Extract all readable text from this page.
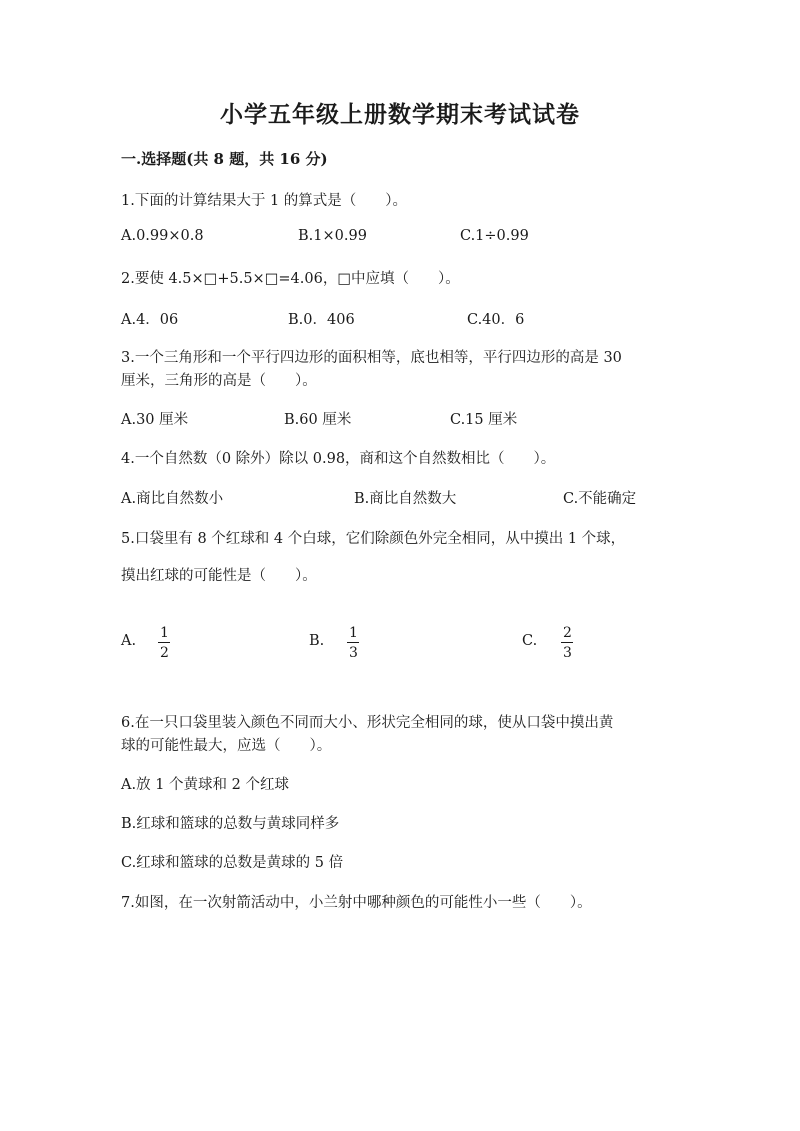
小学五年级上册数学期末考试试卷
一.选择题(共 8 题，共 16 分)
1.下面的计算结果大于 1 的算式是（　　）。
A.0.99×0.8	B.1×0.99	C.1÷0.99
2.要使 4.5×□+5.5×□=4.06，□中应填（　　）。
A.4．06	B.0．406	C.40．6
3.一个三角形和一个平行四边形的面积相等，底也相等，平行四边形的高是 30
厘米，三角形的高是（　　）。
A.30 厘米	B.60 厘米	C.15 厘米
4.一个自然数（0 除外）除以 0.98，商和这个自然数相比（　　）。
A.商比自然数小	B.商比自然数大	C.不能确定
5.口袋里有 8 个红球和 4 个白球，它们除颜色外完全相同，从中摸出 1 个球，
摸出红球的可能性是（　　）。
A. 1
2
B. 1
3
C. 2
3
6.在一只口袋里装入颜色不同而大小、形状完全相同的球，使从口袋中摸出黄
球的可能性最大，应选（　　）。
A.放 1 个黄球和 2 个红球
B.红球和篮球的总数与黄球同样多
C.红球和篮球的总数是黄球的 5 倍
7.如图，在一次射箭活动中，小兰射中哪种颜色的可能性小一些（　　）。
